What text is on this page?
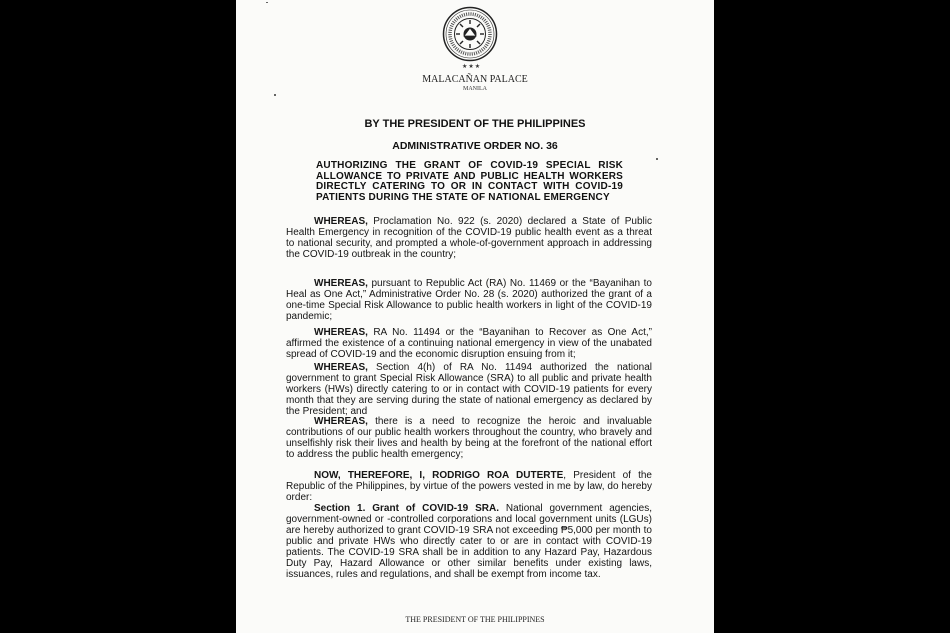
★★★
MALACAÑAN PALACE
MANILA
BY THE PRESIDENT OF THE PHILIPPINES
ADMINISTRATIVE ORDER NO. 36
AUTHORIZING THE GRANT OF COVID-19 SPECIAL RISK ALLOWANCE TO PRIVATE AND PUBLIC HEALTH WORKERS DIRECTLY CATERING TO OR IN CONTACT WITH COVID-19 PATIENTS DURING THE STATE OF NATIONAL EMERGENCY

WHEREAS, Proclamation No. 922 (s. 2020) declared a State of Public Health Emergency in recognition of the COVID-19 public health event as a threat to national security, and prompted a whole-of-government approach in addressing the COVID-19 outbreak in the country;

WHEREAS, pursuant to Republic Act (RA) No. 11469 or the “Bayanihan to Heal as One Act,” Administrative Order No. 28 (s. 2020) authorized the grant of a one-time Special Risk Allowance to public health workers in light of the COVID-19 pandemic;

WHEREAS, RA No. 11494 or the “Bayanihan to Recover as One Act,” affirmed the existence of a continuing national emergency in view of the unabated spread of COVID-19 and the economic disruption ensuing from it;

WHEREAS, Section 4(h) of RA No. 11494 authorized the national government to grant Special Risk Allowance (SRA) to all public and private health workers (HWs) directly catering to or in contact with COVID-19 patients for every month that they are serving during the state of national emergency as declared by the President; and

WHEREAS, there is a need to recognize the heroic and invaluable contributions of our public health workers throughout the country, who bravely and unselfishly risk their lives and health by being at the forefront of the national effort to address the public health emergency;

NOW, THEREFORE, I, RODRIGO ROA DUTERTE, President of the Republic of the Philippines, by virtue of the powers vested in me by law, do hereby order:

Section 1. Grant of COVID-19 SRA. National government agencies, government-owned or -controlled corporations and local government units (LGUs) are hereby authorized to grant COVID-19 SRA not exceeding ₱5,000 per month to public and private HWs who directly cater to or are in contact with COVID-19 patients. The COVID-19 SRA shall be in addition to any Hazard Pay, Hazardous Duty Pay, Hazard Allowance or other similar benefits under existing laws, issuances, rules and regulations, and shall be exempt from income tax.

THE PRESIDENT OF THE PHILIPPINES
